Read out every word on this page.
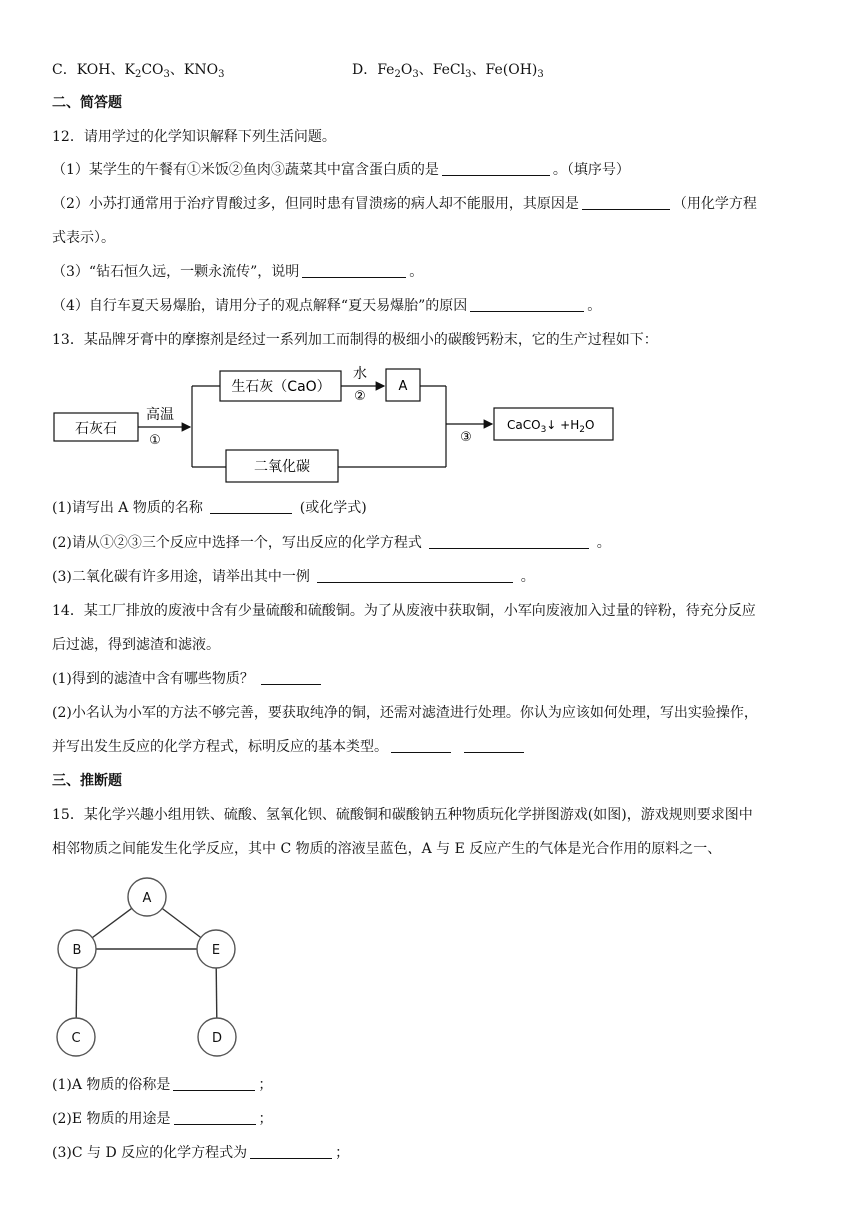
C．KOH、$K_2CO_3$、$KNO_3$	D．$Fe_2O_3$、FeCl$_3$、$Fe(OH)_3$
二、简答题
12．请用学过的化学知识解释下列生活问题。
（1）某学生的午餐有①米饭②鱼肉③蔬菜其中富含蛋白质的是	。（填序号）
（2）小苏打通常用于治疗胃酸过多，但同时患有冒溃疡的病人却不能服用，其原因是	（用化学方程
式表示）。
（3）“钻石恒久远，一颗永流传”，说明	。
（4）自行车夏天易爆胎，请用分子的观点解释“夏天易爆胎”的原因	。
13．某品牌牙膏中的摩擦剂是经过一系列加工而制得的极细小的碳酸钙粉末，它的生产过程如下：
石灰石
高温
①
生石灰（CaO）
水
②
A
二氧化碳
③
CaCO$_3$↓ $+H_2O$
(1)请写出 A 物质的名称	(或化学式)
(2)请从①②③三个反应中选择一个，写出反应的化学方程式	。
(3)二氧化碳有许多用途，请举出其中一例	。
14．某工厂排放的废液中含有少量硫酸和硫酸铜。为了从废液中获取铜，小军向废液加入过量的锌粉，待充分反应
后过滤，得到滤渣和滤液。
(1)得到的滤渣中含有哪些物质？
(2)小名认为小军的方法不够完善，要获取纯净的铜，还需对滤渣进行处理。你认为应该如何处理，写出实验操作，
并写出发生反应的化学方程式，标明反应的基本类型。
三、推断题
15．某化学兴趣小组用铁、硫酸、氢氧化钡、硫酸铜和碳酸钠五种物质玩化学拼图游戏(如图)，游戏规则要求图中
相邻物质之间能发生化学反应，其中 C 物质的溶液呈蓝色，A 与 E 反应产生的气体是光合作用的原料之一、
A
B	E
C	D
(1)A 物质的俗称是	；
(2)E 物质的用途是	；
(3)C 与 D 反应的化学方程式为	；
